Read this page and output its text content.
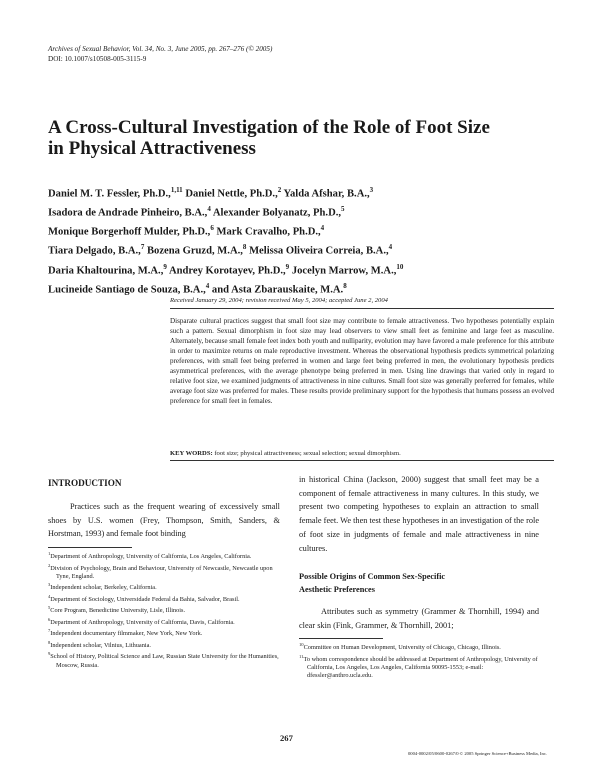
Archives of Sexual Behavior, Vol. 34, No. 3, June 2005, pp. 267–276 (© 2005)
DOI: 10.1007/s10508-005-3115-9
A Cross-Cultural Investigation of the Role of Foot Size
in Physical Attractiveness
Daniel M. T. Fessler, Ph.D.,$^{1,11}$ Daniel Nettle, Ph.D.,$^2$ Yalda Afshar, B.A.,$^3$
Isadora de Andrade Pinheiro, B.A.,$^4$ Alexander Bolyanatz, Ph.D.,$^5$
Monique Borgerhoff Mulder, Ph.D.,$^6$ Mark Cravalho, Ph.D.,$^4$
Tiara Delgado, B.A.,$^7$ Bozena Gruzd, M.A.,$^8$ Melissa Oliveira Correia, B.A.,$^4$
Daria Khaltourina, M.A.,$^9$ Andrey Korotayev, Ph.D.,$^9$ Jocelyn Marrow, M.A.,$^{10}$
Lucineide Santiago de Souza, B.A.,$^4$ and Asta Zbarauskaite, M.A.$^8$
Received January 29, 2004; revision received May 5, 2004; accepted June 2, 2004
Disparate cultural practices suggest that small foot size may contribute to female attractiveness. Two hypotheses potentially explain such a pattern. Sexual dimorphism in foot size may lead observers to view small feet as feminine and large feet as masculine. Alternately, because small female feet index both youth and nulliparity, evolution may have favored a male preference for this attribute in order to maximize returns on male reproductive investment. Whereas the observational hypothesis predicts symmetrical polarizing preferences, with small feet being preferred in women and large feet being preferred in men, the evolutionary hypothesis predicts asymmetrical preferences, with the average phenotype being preferred in men. Using line drawings that varied only in regard to relative foot size, we examined judgments of attractiveness in nine cultures. Small foot size was generally preferred for females, while average foot size was preferred for males. These results provide preliminary support for the hypothesis that humans possess an evolved preference for small feet in females.
KEY WORDS: foot size; physical attractiveness; sexual selection; sexual dimorphism.
INTRODUCTION
Practices such as the frequent wearing of excessively small shoes by U.S. women (Frey, Thompson, Smith, Sanders, & Horstman, 1993) and female foot binding
in historical China (Jackson, 2000) suggest that small feet may be a component of female attractiveness in many cultures. In this study, we present two competing hypotheses to explain an attraction to small female feet. We then test these hypotheses in an investigation of the role of foot size in judgments of female and male attractiveness in nine cultures.
Possible Origins of Common Sex-Specific
Aesthetic Preferences
Attributes such as symmetry (Grammer & Thornhill, 1994) and clear skin (Fink, Grammer, & Thornhill, 2001;
$^1$Department of Anthropology, University of California, Los Angeles, California.
$^2$Division of Psychology, Brain and Behaviour, University of Newcastle, Newcastle upon Tyne, England.
$^3$Independent scholar, Berkeley, California.
$^4$Department of Sociology, Universidade Federal da Bahia, Salvador, Brasil.
$^5$Core Program, Benedictine University, Lisle, Illinois.
$^6$Department of Anthropology, University of California, Davis, California.
$^7$Independent documentary filmmaker, New York, New York.
$^8$Independent scholar, Vilnius, Lithuania.
$^9$School of History, Political Science and Law, Russian State University for the Humanities, Moscow, Russia.
$^{10}$Committee on Human Development, University of Chicago, Chicago, Illinois.
$^{11}$To whom correspondence should be addressed at Department of Anthropology, University of California, Los Angeles, Los Angeles, California 90095-1553; e-mail: dfessler@anthro.ucla.edu.
267
0004-0002/05/0600-0267/0 © 2005 Springer Science+Business Media, Inc.
